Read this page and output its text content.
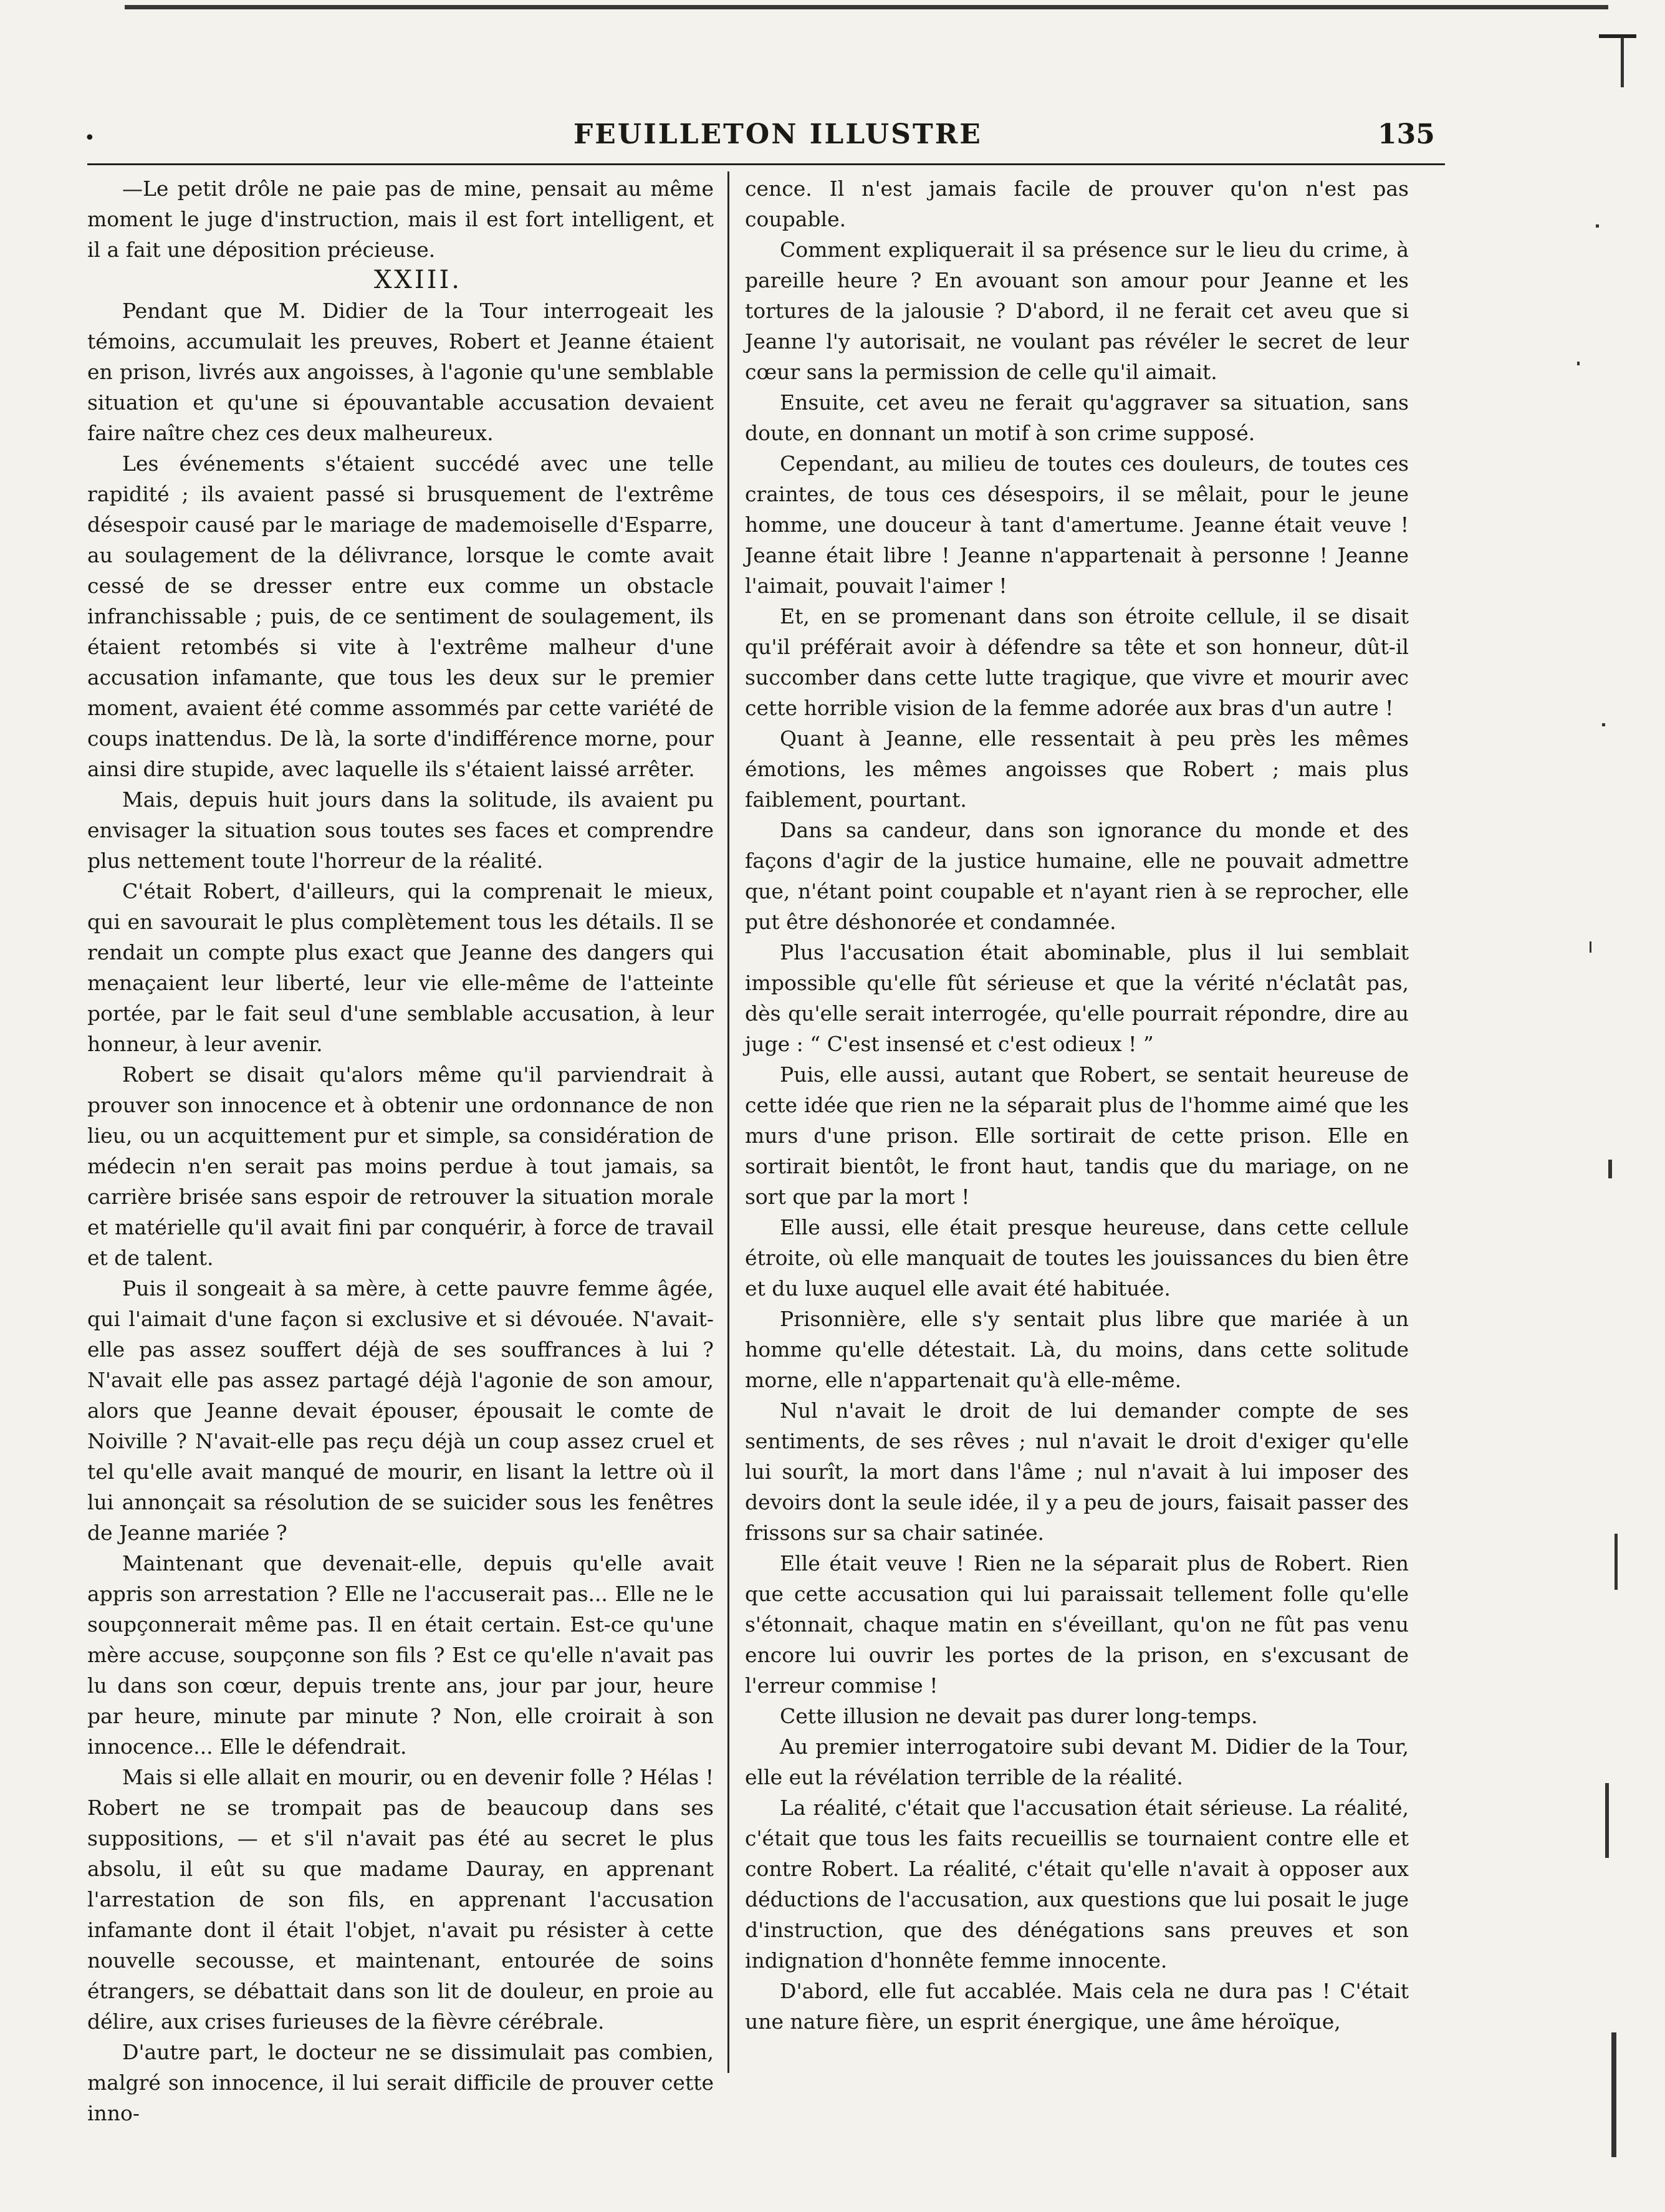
•	FEUILLETON ILLUSTRE	135

—Le petit drôle ne paie pas de mine, pensait au même moment le juge d'instruction, mais il est fort intelligent, et il a fait une déposition précieuse.

XXIII.

Pendant que M. Didier de la Tour interrogeait les témoins, accumulait les preuves, Robert et Jeanne étaient en prison, livrés aux angoisses, à l'agonie qu'une semblable situation et qu'une si épouvantable accusation devaient faire naître chez ces deux malheureux.

Les événements s'étaient succédé avec une telle rapidité ; ils avaient passé si brusquement de l'extrême désespoir causé par le mariage de mademoiselle d'Esparre, au soulagement de la délivrance, lorsque le comte avait cessé de se dresser entre eux comme un obstacle infranchissable ; puis, de ce sentiment de soulagement, ils étaient retombés si vite à l'extrême malheur d'une accusation infamante, que tous les deux sur le premier moment, avaient été comme assommés par cette variété de coups inattendus. De là, la sorte d'indifférence morne, pour ainsi dire stupide, avec laquelle ils s'étaient laissé arrêter.

Mais, depuis huit jours dans la solitude, ils avaient pu envisager la situation sous toutes ses faces et comprendre plus nettement toute l'horreur de la réalité.

C'était Robert, d'ailleurs, qui la comprenait le mieux, qui en savourait le plus complètement tous les détails. Il se rendait un compte plus exact que Jeanne des dangers qui menaçaient leur liberté, leur vie elle-même de l'atteinte portée, par le fait seul d'une semblable accusation, à leur honneur, à leur avenir.

Robert se disait qu'alors même qu'il parviendrait à prouver son innocence et à obtenir une ordonnance de non lieu, ou un acquittement pur et simple, sa considération de médecin n'en serait pas moins perdue à tout jamais, sa carrière brisée sans espoir de retrouver la situation morale et matérielle qu'il avait fini par conquérir, à force de travail et de talent.

Puis il songeait à sa mère, à cette pauvre femme âgée, qui l'aimait d'une façon si exclusive et si dévouée. N'avait-elle pas assez souffert déjà de ses souffrances à lui ? N'avait elle pas assez partagé déjà l'agonie de son amour, alors que Jeanne devait épouser, épousait le comte de Noiville ? N'avait-elle pas reçu déjà un coup assez cruel et tel qu'elle avait manqué de mourir, en lisant la lettre où il lui annonçait sa résolution de se suicider sous les fenêtres de Jeanne mariée ?

Maintenant que devenait-elle, depuis qu'elle avait appris son arrestation ? Elle ne l'accuserait pas... Elle ne le soupçonnerait même pas. Il en était certain. Est-ce qu'une mère accuse, soupçonne son fils ? Est ce qu'elle n'avait pas lu dans son cœur, depuis trente ans, jour par jour, heure par heure, minute par minute ? Non, elle croirait à son innocence... Elle le défendrait.

Mais si elle allait en mourir, ou en devenir folle ? Hélas ! Robert ne se trompait pas de beaucoup dans ses suppositions, — et s'il n'avait pas été au secret le plus absolu, il eût su que madame Dauray, en apprenant l'arrestation de son fils, en apprenant l'accusation infamante dont il était l'objet, n'avait pu résister à cette nouvelle secousse, et maintenant, entourée de soins étrangers, se débattait dans son lit de douleur, en proie au délire, aux crises furieuses de la fièvre cérébrale.

D'autre part, le docteur ne se dissimulait pas combien, malgré son innocence, il lui serait difficile de prouver cette inno-

cence. Il n'est jamais facile de prouver qu'on n'est pas coupable.

Comment expliquerait il sa présence sur le lieu du crime, à pareille heure ? En avouant son amour pour Jeanne et les tortures de la jalousie ? D'abord, il ne ferait cet aveu que si Jeanne l'y autorisait, ne voulant pas révéler le secret de leur cœur sans la permission de celle qu'il aimait.

Ensuite, cet aveu ne ferait qu'aggraver sa situation, sans doute, en donnant un motif à son crime supposé.

Cependant, au milieu de toutes ces douleurs, de toutes ces craintes, de tous ces désespoirs, il se mêlait, pour le jeune homme, une douceur à tant d'amertume. Jeanne était veuve ! Jeanne était libre ! Jeanne n'appartenait à personne ! Jeanne l'aimait, pouvait l'aimer !

Et, en se promenant dans son étroite cellule, il se disait qu'il préférait avoir à défendre sa tête et son honneur, dût-il succomber dans cette lutte tragique, que vivre et mourir avec cette horrible vision de la femme adorée aux bras d'un autre !

Quant à Jeanne, elle ressentait à peu près les mêmes émotions, les mêmes angoisses que Robert ; mais plus faiblement, pourtant.

Dans sa candeur, dans son ignorance du monde et des façons d'agir de la justice humaine, elle ne pouvait admettre que, n'étant point coupable et n'ayant rien à se reprocher, elle put être déshonorée et condamnée.

Plus l'accusation était abominable, plus il lui semblait impossible qu'elle fût sérieuse et que la vérité n'éclatât pas, dès qu'elle serait interrogée, qu'elle pourrait répondre, dire au juge : “ C'est insensé et c'est odieux ! ”

Puis, elle aussi, autant que Robert, se sentait heureuse de cette idée que rien ne la séparait plus de l'homme aimé que les murs d'une prison. Elle sortirait de cette prison. Elle en sortirait bientôt, le front haut, tandis que du mariage, on ne sort que par la mort !

Elle aussi, elle était presque heureuse, dans cette cellule étroite, où elle manquait de toutes les jouissances du bien être et du luxe auquel elle avait été habituée.

Prisonnière, elle s'y sentait plus libre que mariée à un homme qu'elle détestait. Là, du moins, dans cette solitude morne, elle n'appartenait qu'à elle-même.

Nul n'avait le droit de lui demander compte de ses sentiments, de ses rêves ; nul n'avait le droit d'exiger qu'elle lui sourît, la mort dans l'âme ; nul n'avait à lui imposer des devoirs dont la seule idée, il y a peu de jours, faisait passer des frissons sur sa chair satinée.

Elle était veuve ! Rien ne la séparait plus de Robert. Rien que cette accusation qui lui paraissait tellement folle qu'elle s'étonnait, chaque matin en s'éveillant, qu'on ne fût pas venu encore lui ouvrir les portes de la prison, en s'excusant de l'erreur commise !

Cette illusion ne devait pas durer long-temps.

Au premier interrogatoire subi devant M. Didier de la Tour, elle eut la révélation terrible de la réalité.

La réalité, c'était que l'accusation était sérieuse. La réalité, c'était que tous les faits recueillis se tournaient contre elle et contre Robert. La réalité, c'était qu'elle n'avait à opposer aux déductions de l'accusation, aux questions que lui posait le juge d'instruction, que des dénégations sans preuves et son indignation d'honnête femme innocente.

D'abord, elle fut accablée. Mais cela ne dura pas ! C'était une nature fière, un esprit énergique, une âme héroïque,
